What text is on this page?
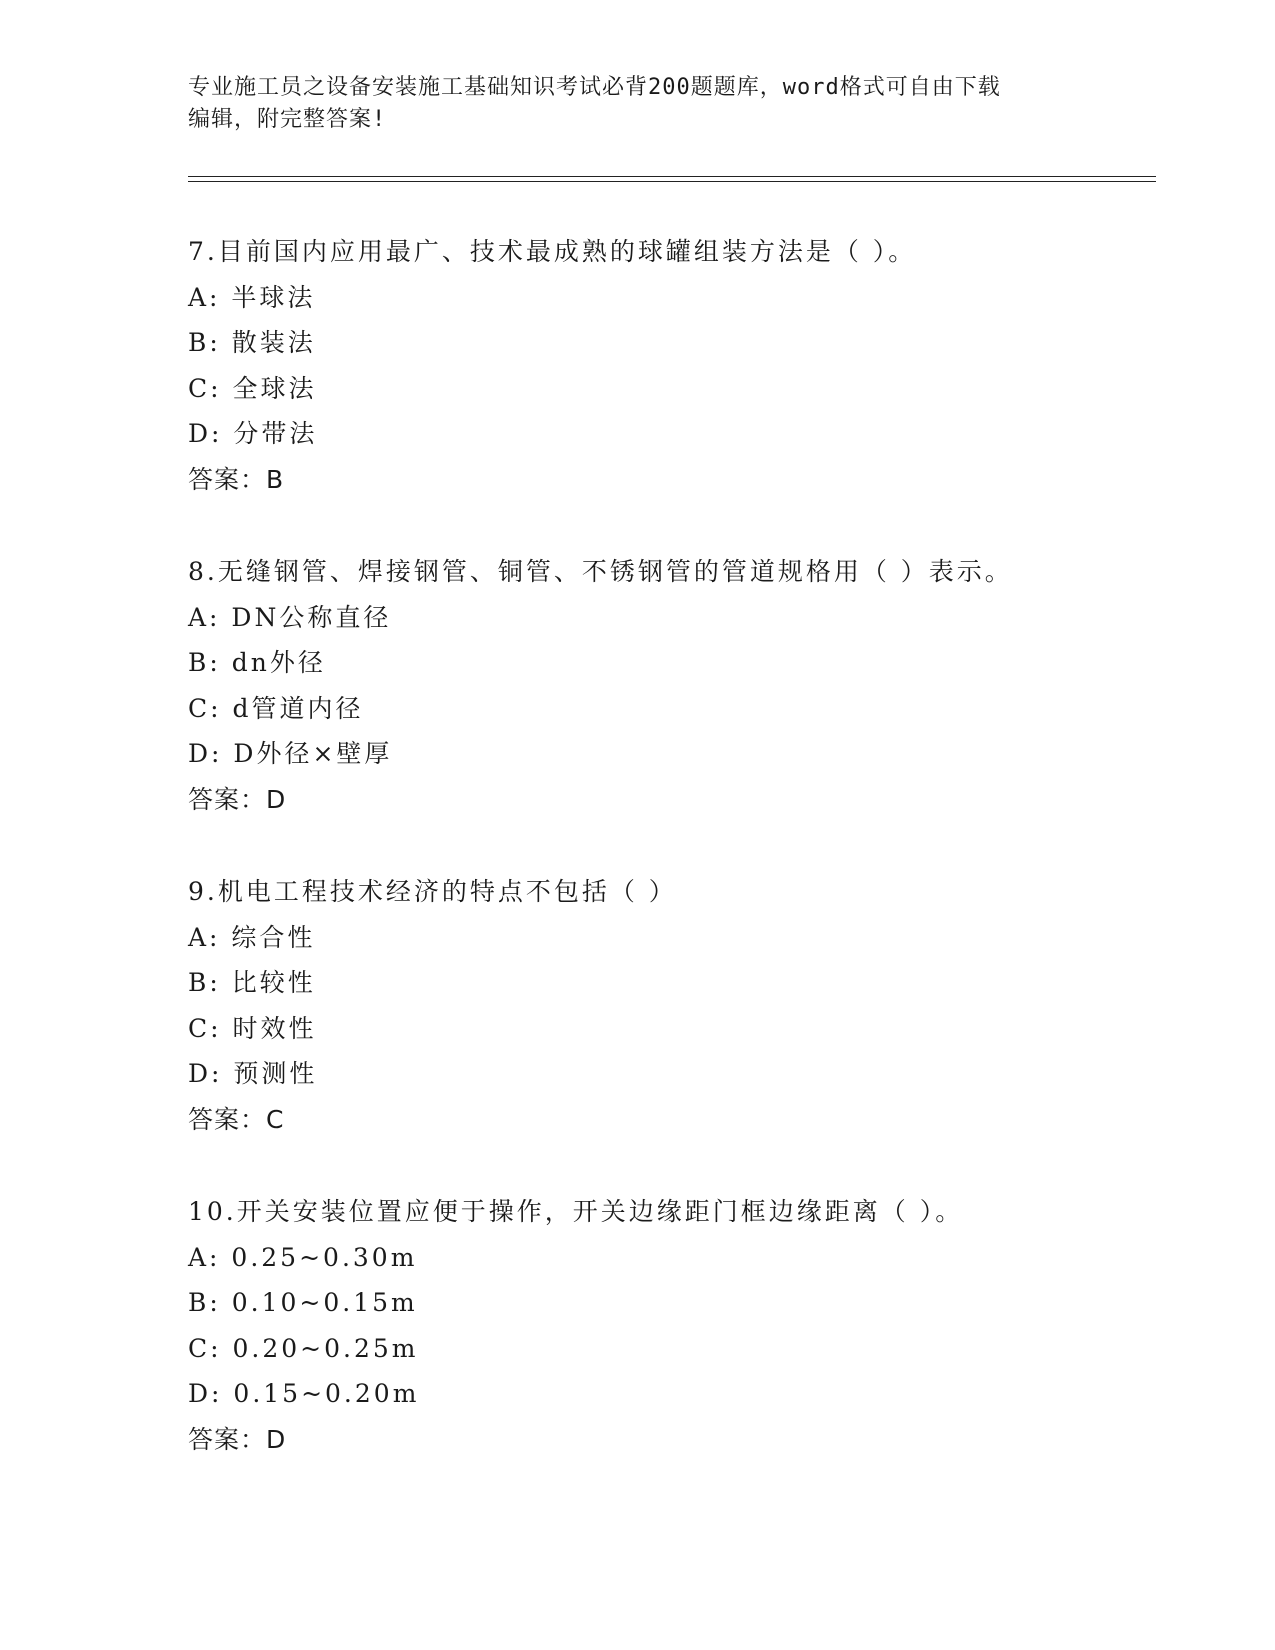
专业施工员之设备安装施工基础知识考试必背200题题库，word格式可自由下载

编辑，附完整答案!

7.目前国内应用最广、技术最成熟的球罐组装方法是（ ）。
A: 半球法
B: 散装法
C: 全球法
D: 分带法
答案：B
8.无缝钢管、焊接钢管、铜管、不锈钢管的管道规格用（ ）表示。
A: DN公称直径
B: dn外径
C: d管道内径
D: D外径×壁厚
答案：D
9.机电工程技术经济的特点不包括（ ）
A: 综合性
B: 比较性
C: 时效性
D: 预测性
答案：C
10.开关安装位置应便于操作，开关边缘距门框边缘距离（ ）。
A: 0.25~0.30m
B: 0.10~0.15m
C: 0.20~0.25m
D: 0.15~0.20m
答案：D
